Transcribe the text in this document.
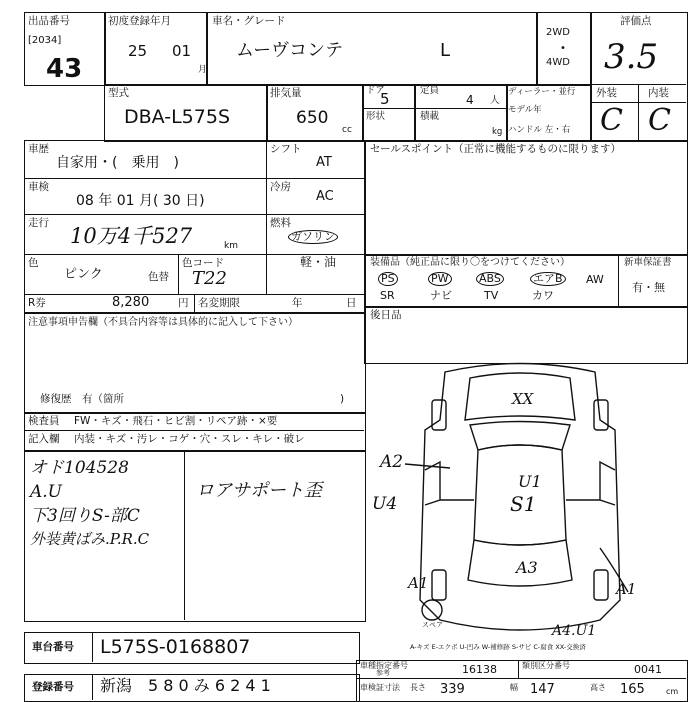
出品番号
[2034]
43
初度登録年月
25 01
月
車名・グレード
ムーヴコンテ	L
2WD
•
4WD
評価点
3.5
外装	内装
C C
型式
DBA-L575S
排気量
650
cc
ドア
5	定員
4 人
形状	積載
kg
ディーラー・並行
モデル年
ハンドル 左・右
車歴
自家用・(　乗用　)
シフト
AT
車検
08 年 01 月( 30 日)
冷房
AC
走行
10万4千527	km
燃料
ガソリン
軽・油
色
ピンク	色替
色コード
T22
R券	8,280	円 名変期限	年	日
セールスポイント（正常に機能するものに限ります）
装備品（純正品に限り〇をつけてください）	新車保証書
有・無
PS	PW	ABS	エアB AW
SR	ナビ	TV	カワ
後日品
注意事項申告欄（不具合内容等は具体的に記入して下さい）
修復歴　有（箇所	)
検査員 FW・キズ・飛石・ヒビ割・リペア跡・×要
記入欄 内装・キズ・汚レ・コゲ・穴・スレ・キレ・破レ
オド104528
A.U
下3回りS-部C
外装黄ばみ.P.R.C
ロアサポート歪
XX
A2
U4
U1
S1
A3
A1	A1
A4.U1
スペア
A-キズ E-エクボ U-凹み W-補修跡 S-サビ C-腐食 XX-交換済
車台番号 L575S-0168807
登録番号 新潟　5 8 0 み 6 2 4 1
車種指定番号	16138	類別区分番号	0041
参考
車検証寸法 長さ 339	幅 147	高さ 165	cm
